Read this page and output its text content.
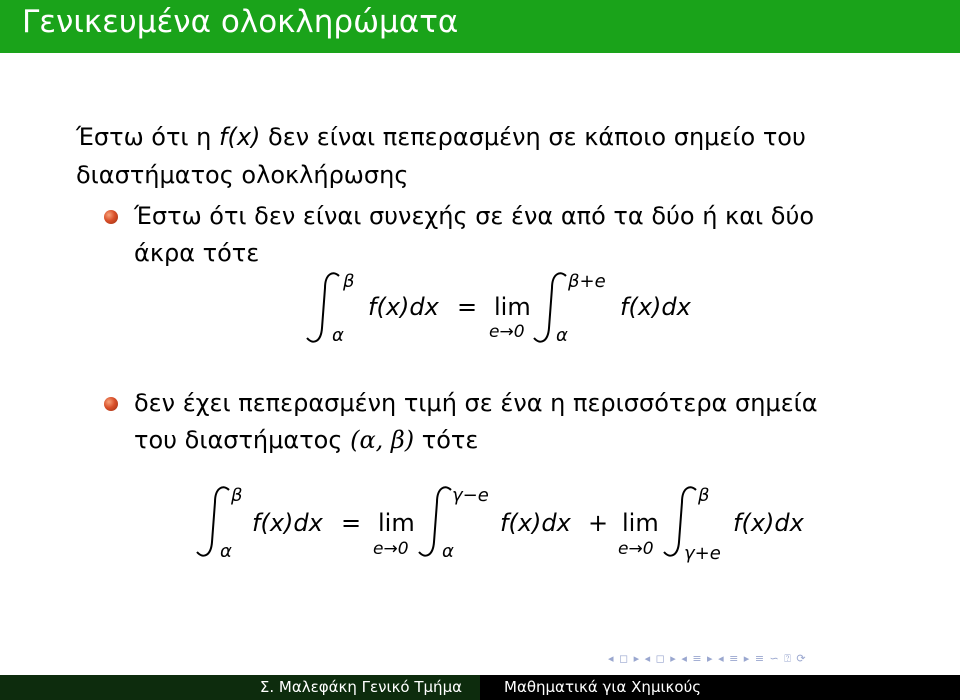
Γενικευμένα ολοκληρώματα
Έστω ότι η f(x) δεν είναι πεπερασμένη σε κάποιο σημείο του
διαστήματος ολοκλήρωσης
Έστω ότι δεν είναι συνεχής σε ένα από τα δύο ή και δύο
άκρα τότε
δεν έχει πεπερασμένη τιμή σε ένα η περισσότερα σημεία
του διαστήματος (α, β) τότε
β
α
f(x)dx = lim
e→0
β+e
α
f(x)dx
β
α
f(x)dx = lim
e→0
γ−e
α
f(x)dx + lim
e→0
β
γ+e
f(x)dx
◂ ◻ ▸ ◂ ◻ ▸ ◂ ≡ ▸ ◂ ≡ ▸ ≡ ∽ ⍰ ⟳
Σ. Μαλεφάκη Γενικό Τμήμα	Μαθηματικά για Χημικούς
